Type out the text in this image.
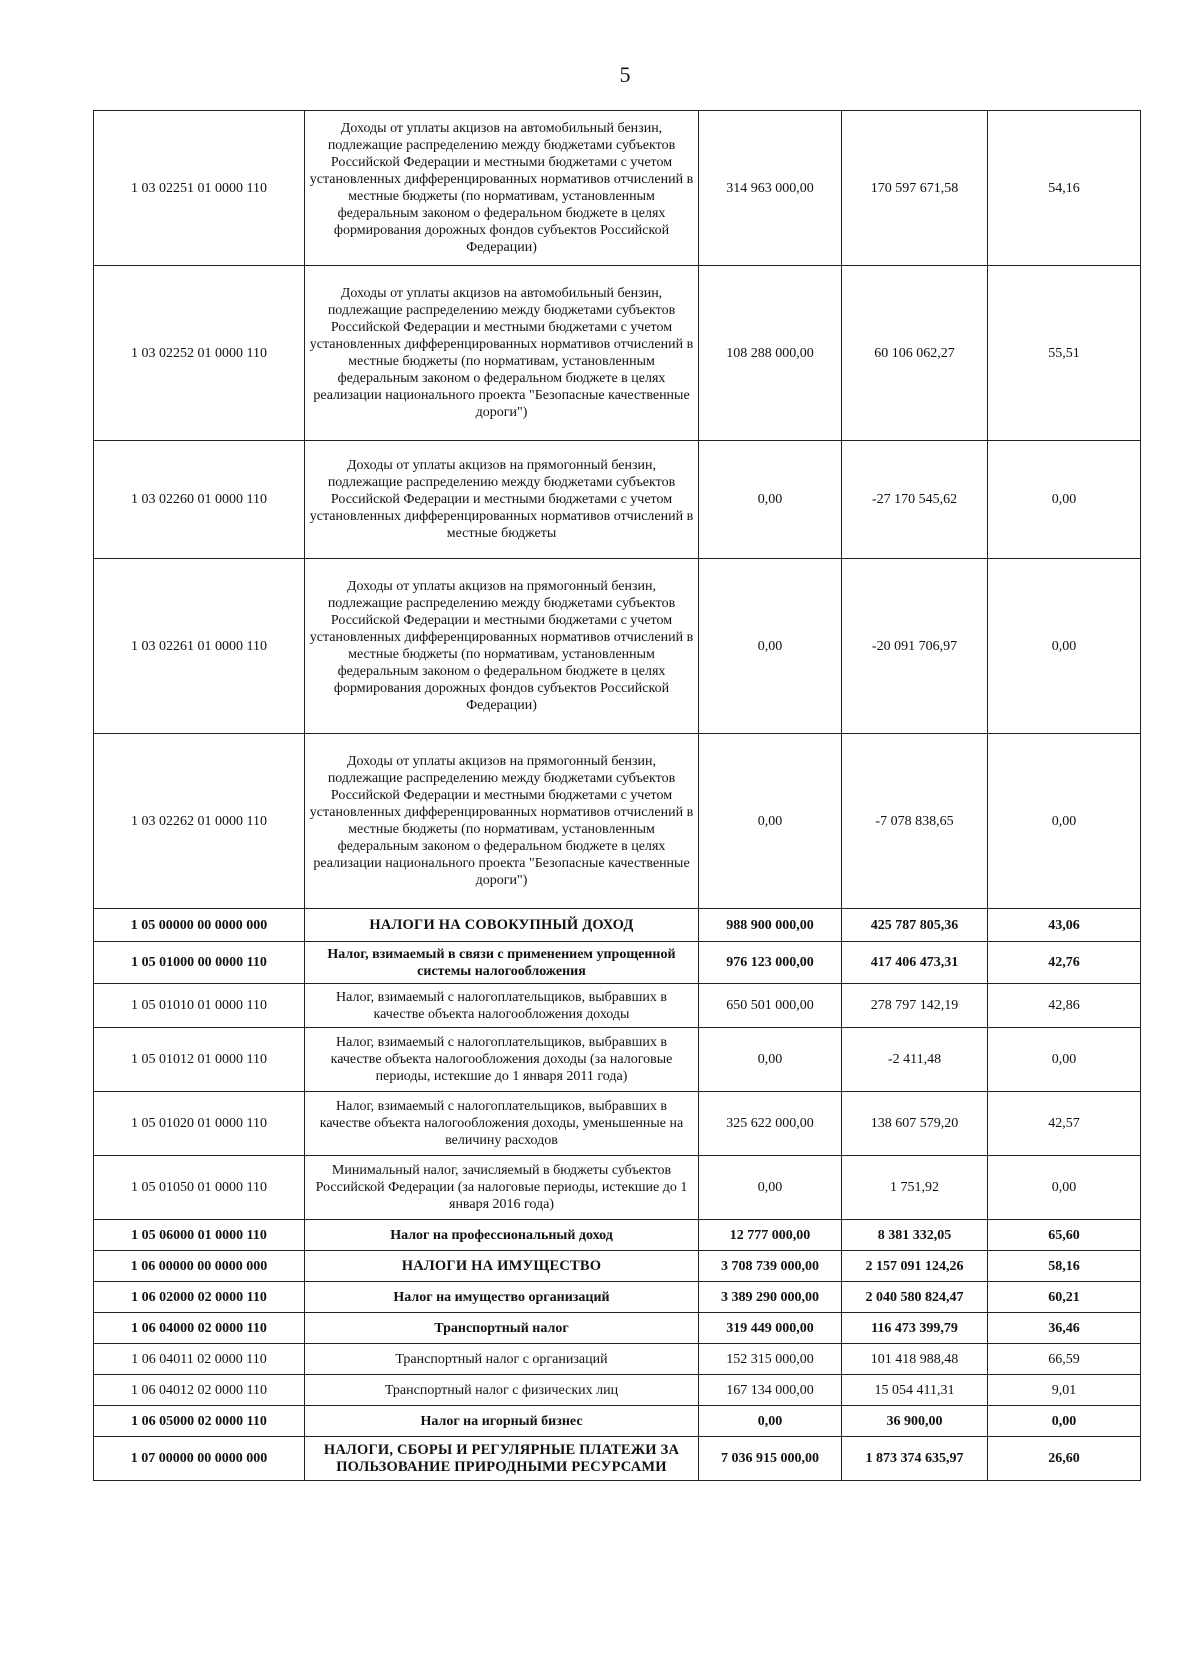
5
1 03 02251 01 0000 110	Доходы от уплаты акцизов на автомобильный бензин, подлежащие распределению между бюджетами субъектов Российской Федерации и местными бюджетами с учетом установленных дифференцированных нормативов отчислений в местные бюджеты (по нормативам, установленным федеральным законом о федеральном бюджете в целях формирования дорожных фондов субъектов Российской Федерации)	314 963 000,00	170 597 671,58	54,16
1 03 02252 01 0000 110	Доходы от уплаты акцизов на автомобильный бензин, подлежащие распределению между бюджетами субъектов Российской Федерации и местными бюджетами с учетом установленных дифференцированных нормативов отчислений в местные бюджеты (по нормативам, установленным федеральным законом о федеральном бюджете в целях реализации национального проекта "Безопасные качественные дороги")	108 288 000,00	60 106 062,27	55,51
1 03 02260 01 0000 110	Доходы от уплаты акцизов на прямогонный бензин, подлежащие распределению между бюджетами субъектов Российской Федерации и местными бюджетами с учетом установленных дифференцированных нормативов отчислений в местные бюджеты	0,00	-27 170 545,62	0,00
1 03 02261 01 0000 110	Доходы от уплаты акцизов на прямогонный бензин, подлежащие распределению между бюджетами субъектов Российской Федерации и местными бюджетами с учетом установленных дифференцированных нормативов отчислений в местные бюджеты (по нормативам, установленным федеральным законом о федеральном бюджете в целях формирования дорожных фондов субъектов Российской Федерации)	0,00	-20 091 706,97	0,00
1 03 02262 01 0000 110	Доходы от уплаты акцизов на прямогонный бензин, подлежащие распределению между бюджетами субъектов Российской Федерации и местными бюджетами с учетом установленных дифференцированных нормативов отчислений в местные бюджеты (по нормативам, установленным федеральным законом о федеральном бюджете в целях реализации национального проекта "Безопасные качественные дороги")	0,00	-7 078 838,65	0,00
1 05 00000 00 0000 000	НАЛОГИ НА СОВОКУПНЫЙ ДОХОД	988 900 000,00	425 787 805,36	43,06
1 05 01000 00 0000 110	Налог, взимаемый в связи с применением упрощенной системы налогообложения	976 123 000,00	417 406 473,31	42,76
1 05 01010 01 0000 110	Налог, взимаемый с налогоплательщиков, выбравших в качестве объекта налогообложения доходы	650 501 000,00	278 797 142,19	42,86
1 05 01012 01 0000 110	Налог, взимаемый с налогоплательщиков, выбравших в качестве объекта налогообложения доходы (за налоговые периоды, истекшие до 1 января 2011 года)	0,00	-2 411,48	0,00
1 05 01020 01 0000 110	Налог, взимаемый с налогоплательщиков, выбравших в качестве объекта налогообложения доходы, уменьшенные на величину расходов	325 622 000,00	138 607 579,20	42,57
1 05 01050 01 0000 110	Минимальный налог, зачисляемый в бюджеты субъектов Российской Федерации (за налоговые периоды, истекшие до 1 января 2016 года)	0,00	1 751,92	0,00
1 05 06000 01 0000 110	Налог на профессиональный доход	12 777 000,00	8 381 332,05	65,60
1 06 00000 00 0000 000	НАЛОГИ НА ИМУЩЕСТВО	3 708 739 000,00	2 157 091 124,26	58,16
1 06 02000 02 0000 110	Налог на имущество организаций	3 389 290 000,00	2 040 580 824,47	60,21
1 06 04000 02 0000 110	Транспортный налог	319 449 000,00	116 473 399,79	36,46
1 06 04011 02 0000 110	Транспортный налог с организаций	152 315 000,00	101 418 988,48	66,59
1 06 04012 02 0000 110	Транспортный налог с физических лиц	167 134 000,00	15 054 411,31	9,01
1 06 05000 02 0000 110	Налог на игорный бизнес	0,00	36 900,00	0,00
1 07 00000 00 0000 000	НАЛОГИ, СБОРЫ И РЕГУЛЯРНЫЕ ПЛАТЕЖИ ЗА ПОЛЬЗОВАНИЕ ПРИРОДНЫМИ РЕСУРСАМИ	7 036 915 000,00	1 873 374 635,97	26,60
